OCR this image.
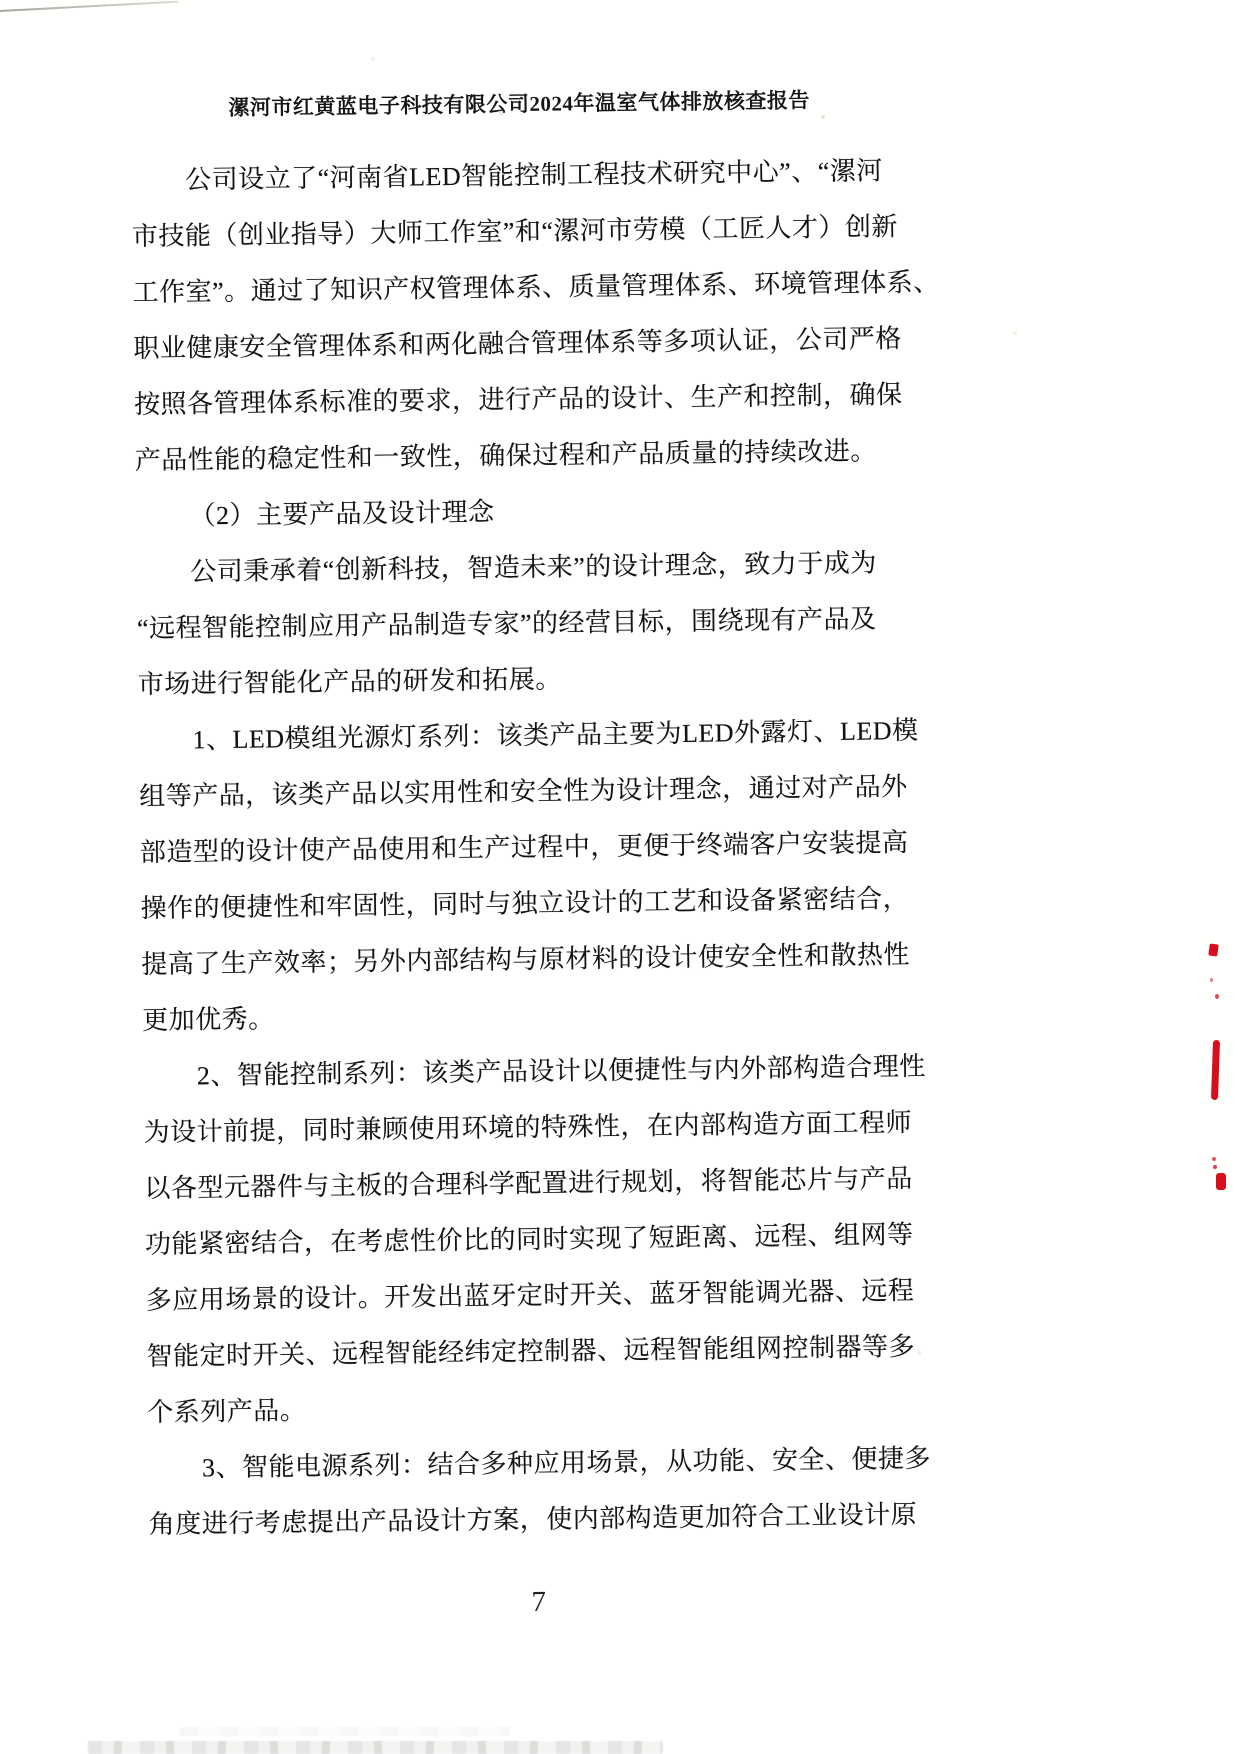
漯河市红黄蓝电子科技有限公司2024年温室气体排放核查报告
公司设立了“河南省LED智能控制工程技术研究中心”、“漯河
市技能（创业指导）大师工作室”和“漯河市劳模（工匠人才）创新
工作室”。通过了知识产权管理体系、质量管理体系、环境管理体系、
职业健康安全管理体系和两化融合管理体系等多项认证，公司严格
按照各管理体系标准的要求，进行产品的设计、生产和控制，确保
产品性能的稳定性和一致性，确保过程和产品质量的持续改进。
（2）主要产品及设计理念
公司秉承着“创新科技，智造未来”的设计理念，致力于成为
“远程智能控制应用产品制造专家”的经营目标，围绕现有产品及
市场进行智能化产品的研发和拓展。
1、LED模组光源灯系列：该类产品主要为LED外露灯、LED模
组等产品，该类产品以实用性和安全性为设计理念，通过对产品外
部造型的设计使产品使用和生产过程中，更便于终端客户安装提高
操作的便捷性和牢固性，同时与独立设计的工艺和设备紧密结合，
提高了生产效率；另外内部结构与原材料的设计使安全性和散热性
更加优秀。
2、智能控制系列：该类产品设计以便捷性与内外部构造合理性
为设计前提，同时兼顾使用环境的特殊性，在内部构造方面工程师
以各型元器件与主板的合理科学配置进行规划，将智能芯片与产品
功能紧密结合，在考虑性价比的同时实现了短距离、远程、组网等
多应用场景的设计。开发出蓝牙定时开关、蓝牙智能调光器、远程
智能定时开关、远程智能经纬定控制器、远程智能组网控制器等多
个系列产品。
3、智能电源系列：结合多种应用场景，从功能、安全、便捷多
角度进行考虑提出产品设计方案，使内部构造更加符合工业设计原
7
